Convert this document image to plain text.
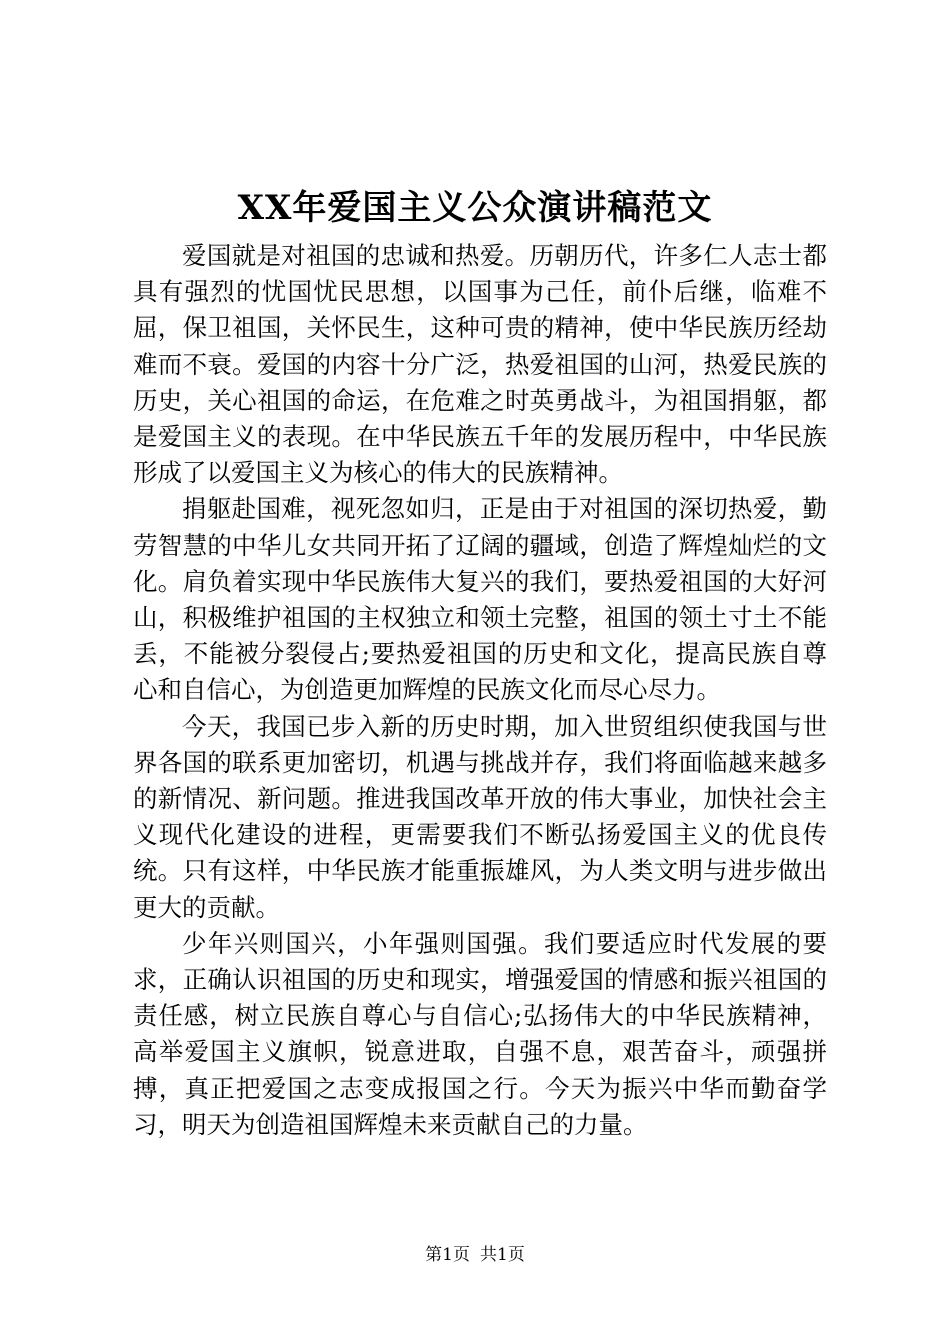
XX年爱国主义公众演讲稿范文

爱国就是对祖国的忠诚和热爱。历朝历代，许多仁人志士都具有强烈的忧国忧民思想，以国事为己任，前仆后继，临难不屈，保卫祖国，关怀民生，这种可贵的精神，使中华民族历经劫难而不衰。爱国的内容十分广泛，热爱祖国的山河，热爱民族的历史，关心祖国的命运，在危难之时英勇战斗，为祖国捐躯，都是爱国主义的表现。在中华民族五千年的发展历程中，中华民族形成了以爱国主义为核心的伟大的民族精神。

捐躯赴国难，视死忽如归，正是由于对祖国的深切热爱，勤劳智慧的中华儿女共同开拓了辽阔的疆域，创造了辉煌灿烂的文化。肩负着实现中华民族伟大复兴的我们，要热爱祖国的大好河山，积极维护祖国的主权独立和领土完整，祖国的领土寸土不能丢，不能被分裂侵占;要热爱祖国的历史和文化，提高民族自尊心和自信心，为创造更加辉煌的民族文化而尽心尽力。

今天，我国已步入新的历史时期，加入世贸组织使我国与世界各国的联系更加密切，机遇与挑战并存，我们将面临越来越多的新情况、新问题。推进我国改革开放的伟大事业，加快社会主义现代化建设的进程，更需要我们不断弘扬爱国主义的优良传统。只有这样，中华民族才能重振雄风，为人类文明与进步做出更大的贡献。

少年兴则国兴，小年强则国强。我们要适应时代发展的要求，正确认识祖国的历史和现实，增强爱国的情感和振兴祖国的责任感，树立民族自尊心与自信心;弘扬伟大的中华民族精神，高举爱国主义旗帜，锐意进取，自强不息，艰苦奋斗，顽强拼搏，真正把爱国之志变成报国之行。今天为振兴中华而勤奋学习，明天为创造祖国辉煌未来贡献自己的力量。

第1页 共1页
